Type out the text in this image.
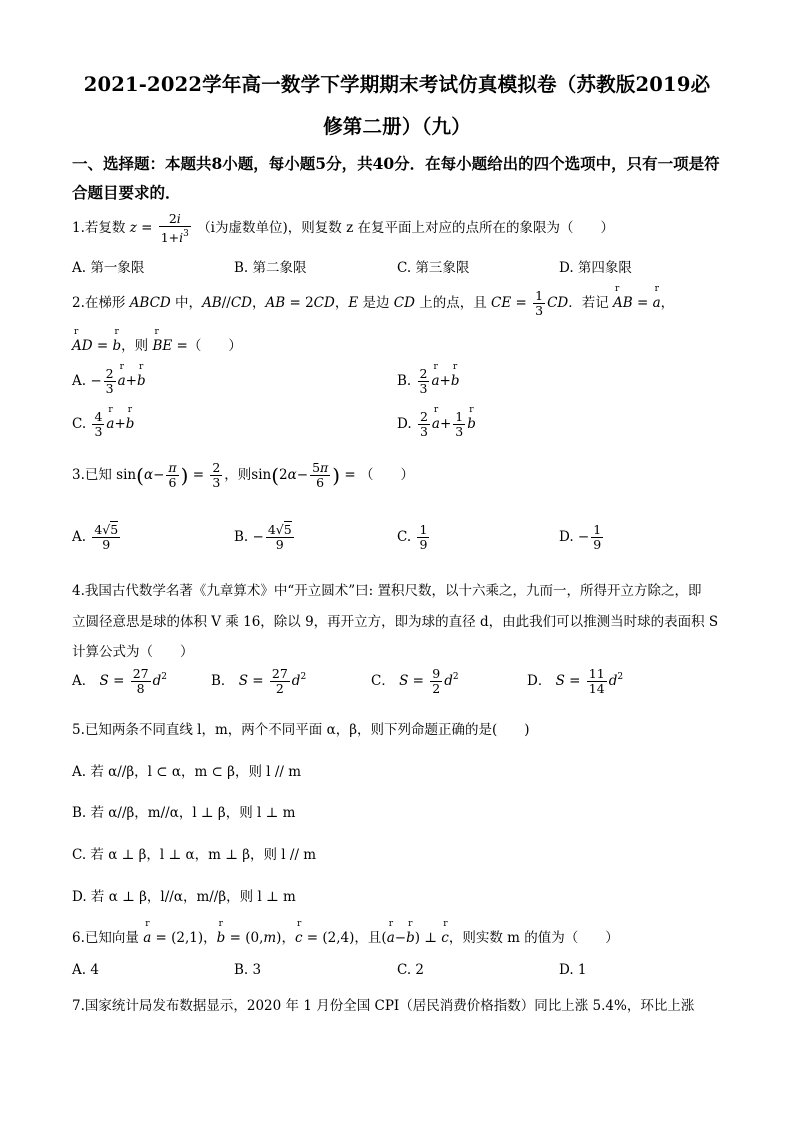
2021-2022学年高一数学下学期期末考试仿真模拟卷（苏教版2019必
修第二册）（九）
一、选择题：本题共8小题，每小题5分，共40分．在每小题给出的四个选项中，只有一项是符合题目要求的．
1.若复数 $z = \frac{2i}{1+i^3} (i$为虚数单位)，则复数 z 在复平面上对应的点所在的象限为（　　）
A. 第一象限	B. 第二象限	C. 第三象限	D. 第四象限
2.在梯形 ABCD 中，AB//CD，AB = 2CD，E 是边 CD 上的点，且 CE = $\frac{1}{3}$ CD．若记 r AB = r a，
r AD = r b，则 r BE =（　　）
A. − $\frac{2}{3}$ r a+r b	B. $\frac{2}{3}$ r a+r b
C. $\frac{4}{3}$ r a+r b	D. $\frac{2}{3}$ r $a+ \frac{1}{3}$ r b
3.已知 $\sin(\alpha- \frac{\pi}{6}$ ) = $\frac{2}{3}$ ，则$\sin(2\alpha- \frac{5\pi}{6}$ ) = （　　）
A. $\frac{4√5}{9}$	B. − $\frac{4√5}{9}$	C. $\frac{1}{9}$	D. − $\frac{1}{9}$
4.我国古代数学名著《九章算术》中“开立圆术”曰: 置积尺数，以十六乘之，九而一，所得开立方除之，即
立圆径意思是球的体积 V 乘 16，除以 9，再开立方，即为球的直径 d，由此我们可以推测当时球的表面积 S
计算公式为（　　）
A． $S = \frac{27}{8} d^2$	B． $S = \frac{27}{2} d^2$	C． $S = \frac{9}{2} d^2$	D． $S = \frac{11}{14} d^2$
5.已知两条不同直线 l，m，两个不同平面 α，β，则下列命题正确的是(　　)
A. 若 α//β，l ⊂ α，m ⊂ β，则 l // m
B. 若 α//β，m//α，l ⊥ β，则 l ⊥ m
C. 若 α ⊥ β，l ⊥ α，m ⊥ β，则 l // m
D. 若 α ⊥ β，l//α，m//β，则 l ⊥ m
6.已知向量 r a = (2,1)，r b = (0,m)，r c = (2,4)，且(r a−r b) ⊥ r c，则实数 m 的值为（　　）
A. 4	B. 3	C. 2	D. 1
7.国家统计局发布数据显示，2020 年 1 月份全国 CPI（居民消费价格指数）同比上涨 5.4%，环比上涨
